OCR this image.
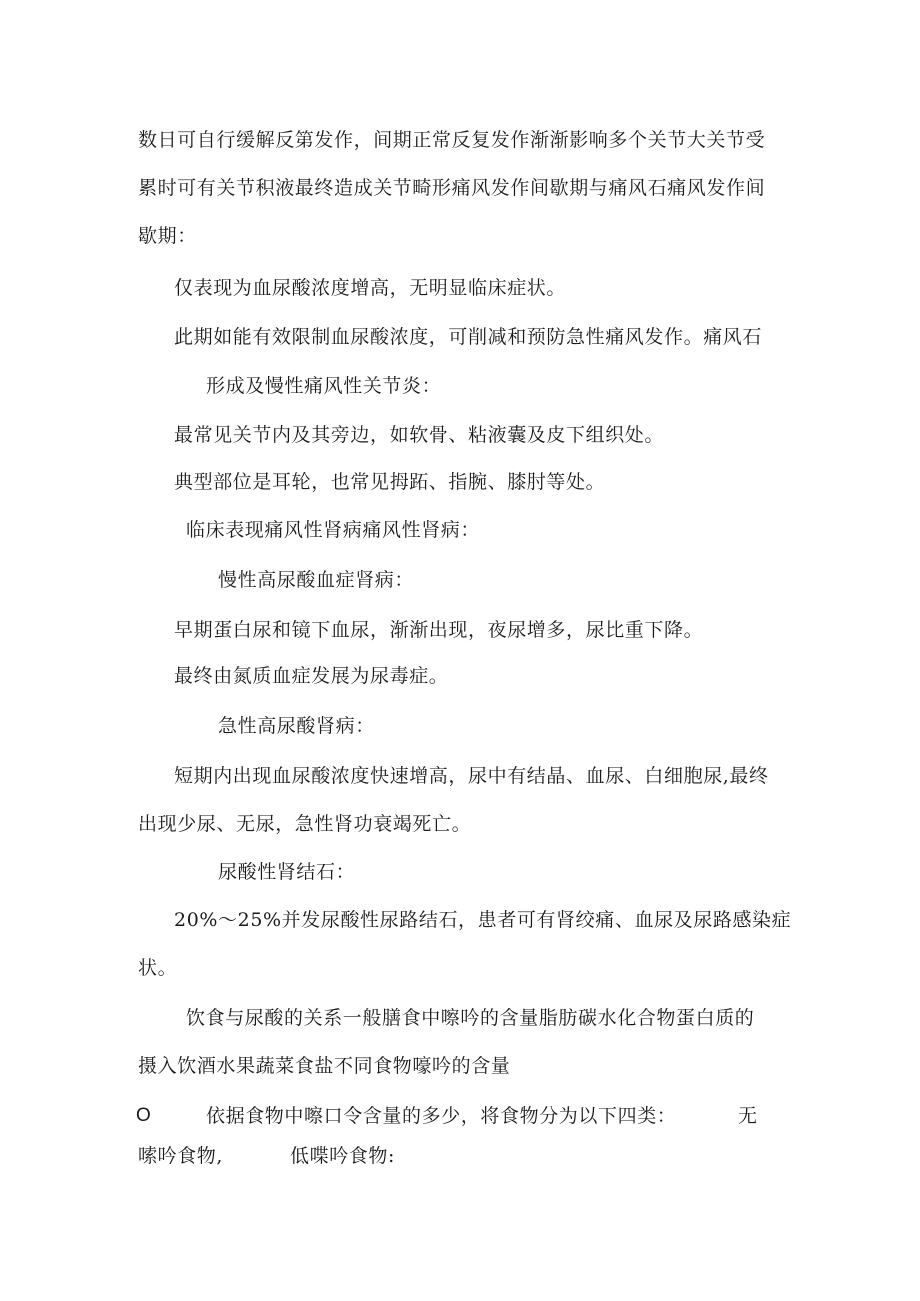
数日可自行缓解反第发作，间期正常反复发作渐渐影响多个关节大关节受
累时可有关节积液最终造成关节畸形痛风发作间歇期与痛风石痛风发作间
歇期：
仅表现为血尿酸浓度增高，无明显临床症状。
此期如能有效限制血尿酸浓度，可削减和预防急性痛风发作。痛风石
形成及慢性痛风性关节炎：
最常见关节内及其旁边，如软骨、粘液囊及皮下组织处。
典型部位是耳轮，也常见拇跖、指腕、膝肘等处。
临床表现痛风性肾病痛风性肾病：
慢性高尿酸血症肾病：
早期蛋白尿和镜下血尿，渐渐出现，夜尿增多，尿比重下降。
最终由氮质血症发展为尿毒症。
急性高尿酸肾病：
短期内出现血尿酸浓度快速增高，尿中有结晶、血尿、白细胞尿,最终
出现少尿、无尿，急性肾功衰竭死亡。
尿酸性肾结石：
20%〜25%并发尿酸性尿路结石，患者可有肾绞痛、血尿及尿路感染症
状。
饮食与尿酸的关系一般膳食中嚓吟的含量脂肪碳水化合物蛋白质的
摄入饮酒水果蔬菜食盐不同食物嚎吟的含量
O	依据食物中嚓口令含量的多少，将食物分为以下四类：	无
嗦吟食物,	低喋吟食物:
